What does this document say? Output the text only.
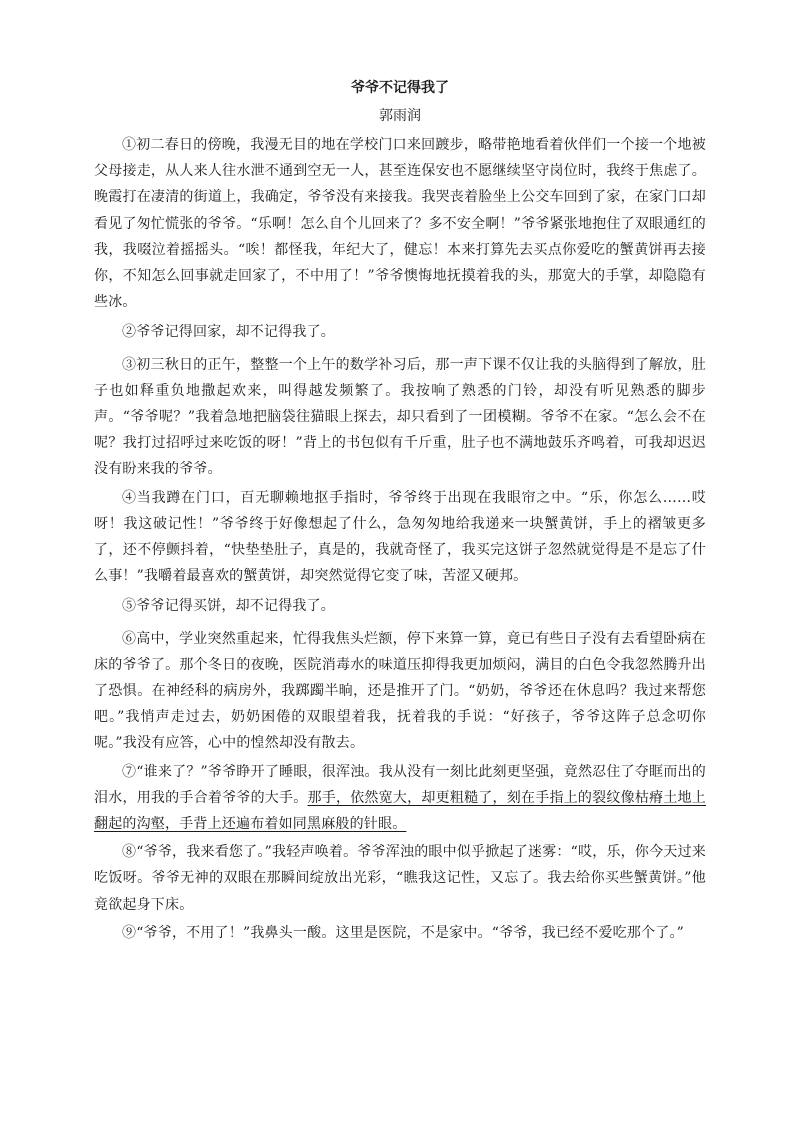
爷爷不记得我了
郭雨润

①初二春日的傍晚，我漫无目的地在学校门口来回踱步，略带艳地看着伙伴们一个接一个地被父母接走，从人来人往水泄不通到空无一人，甚至连保安也不愿继续坚守岗位时，我终于焦虑了。晚霞打在凄清的街道上，我确定，爷爷没有来接我。我哭丧着脸坐上公交车回到了家，在家门口却看见了匆忙慌张的爷爷。“乐啊！怎么自个儿回来了？多不安全啊！”爷爷紧张地抱住了双眼通红的我，我啜泣着摇摇头。“唉！都怪我，年纪大了，健忘！本来打算先去买点你爱吃的蟹黄饼再去接你，不知怎么回事就走回家了，不中用了！”爷爷懊悔地抚摸着我的头，那宽大的手掌，却隐隐有些冰。

②爷爷记得回家，却不记得我了。

③初三秋日的正午，整整一个上午的数学补习后，那一声下课不仅让我的头脑得到了解放，肚子也如释重负地撒起欢来，叫得越发频繁了。我按响了熟悉的门铃，却没有听见熟悉的脚步声。“爷爷呢？”我着急地把脑袋往猫眼上探去，却只看到了一团模糊。爷爷不在家。“怎么会不在呢？我打过招呼过来吃饭的呀！”背上的书包似有千斤重，肚子也不满地鼓乐齐鸣着，可我却迟迟没有盼来我的爷爷。

④当我蹲在门口，百无聊赖地抠手指时，爷爷终于出现在我眼帘之中。“乐，你怎么……哎呀！我这破记性！”爷爷终于好像想起了什么，急匆匆地给我递来一块蟹黄饼，手上的褶皱更多了，还不停颤抖着，“快垫垫肚子，真是的，我就奇怪了，我买完这饼子忽然就觉得是不是忘了什么事！”我嚼着最喜欢的蟹黄饼，却突然觉得它变了味，苦涩又硬邦。

⑤爷爷记得买饼，却不记得我了。

⑥高中，学业突然重起来，忙得我焦头烂额，停下来算一算，竟已有些日子没有去看望卧病在床的爷爷了。那个冬日的夜晚，医院消毒水的味道压抑得我更加烦闷，满目的白色令我忽然腾升出了恐惧。在神经科的病房外，我踯躅半晌，还是推开了门。“奶奶，爷爷还在休息吗？我过来帮您吧。”我悄声走过去，奶奶困倦的双眼望着我，抚着我的手说：“好孩子，爷爷这阵子总念叨你呢。”我没有应答，心中的惶然却没有散去。

⑦“谁来了？”爷爷睁开了睡眼，很浑浊。我从没有一刻比此刻更坚强，竟然忍住了夺眶而出的泪水，用我的手合着爷爷的大手。那手，依然宽大，却更粗糙了，刻在手指上的裂纹像枯瘠土地上翻起的沟壑，手背上还遍布着如同黑麻般的针眼。

⑧“爷爷，我来看您了。”我轻声唤着。爷爷浑浊的眼中似乎掀起了迷雾：“哎，乐，你今天过来吃饭呀。爷爷无神的双眼在那瞬间绽放出光彩，“瞧我这记性，又忘了。我去给你买些蟹黄饼。”他竟欲起身下床。

⑨“爷爷，不用了！”我鼻头一酸。这里是医院，不是家中。“爷爷，我已经不爱吃那个了。”
